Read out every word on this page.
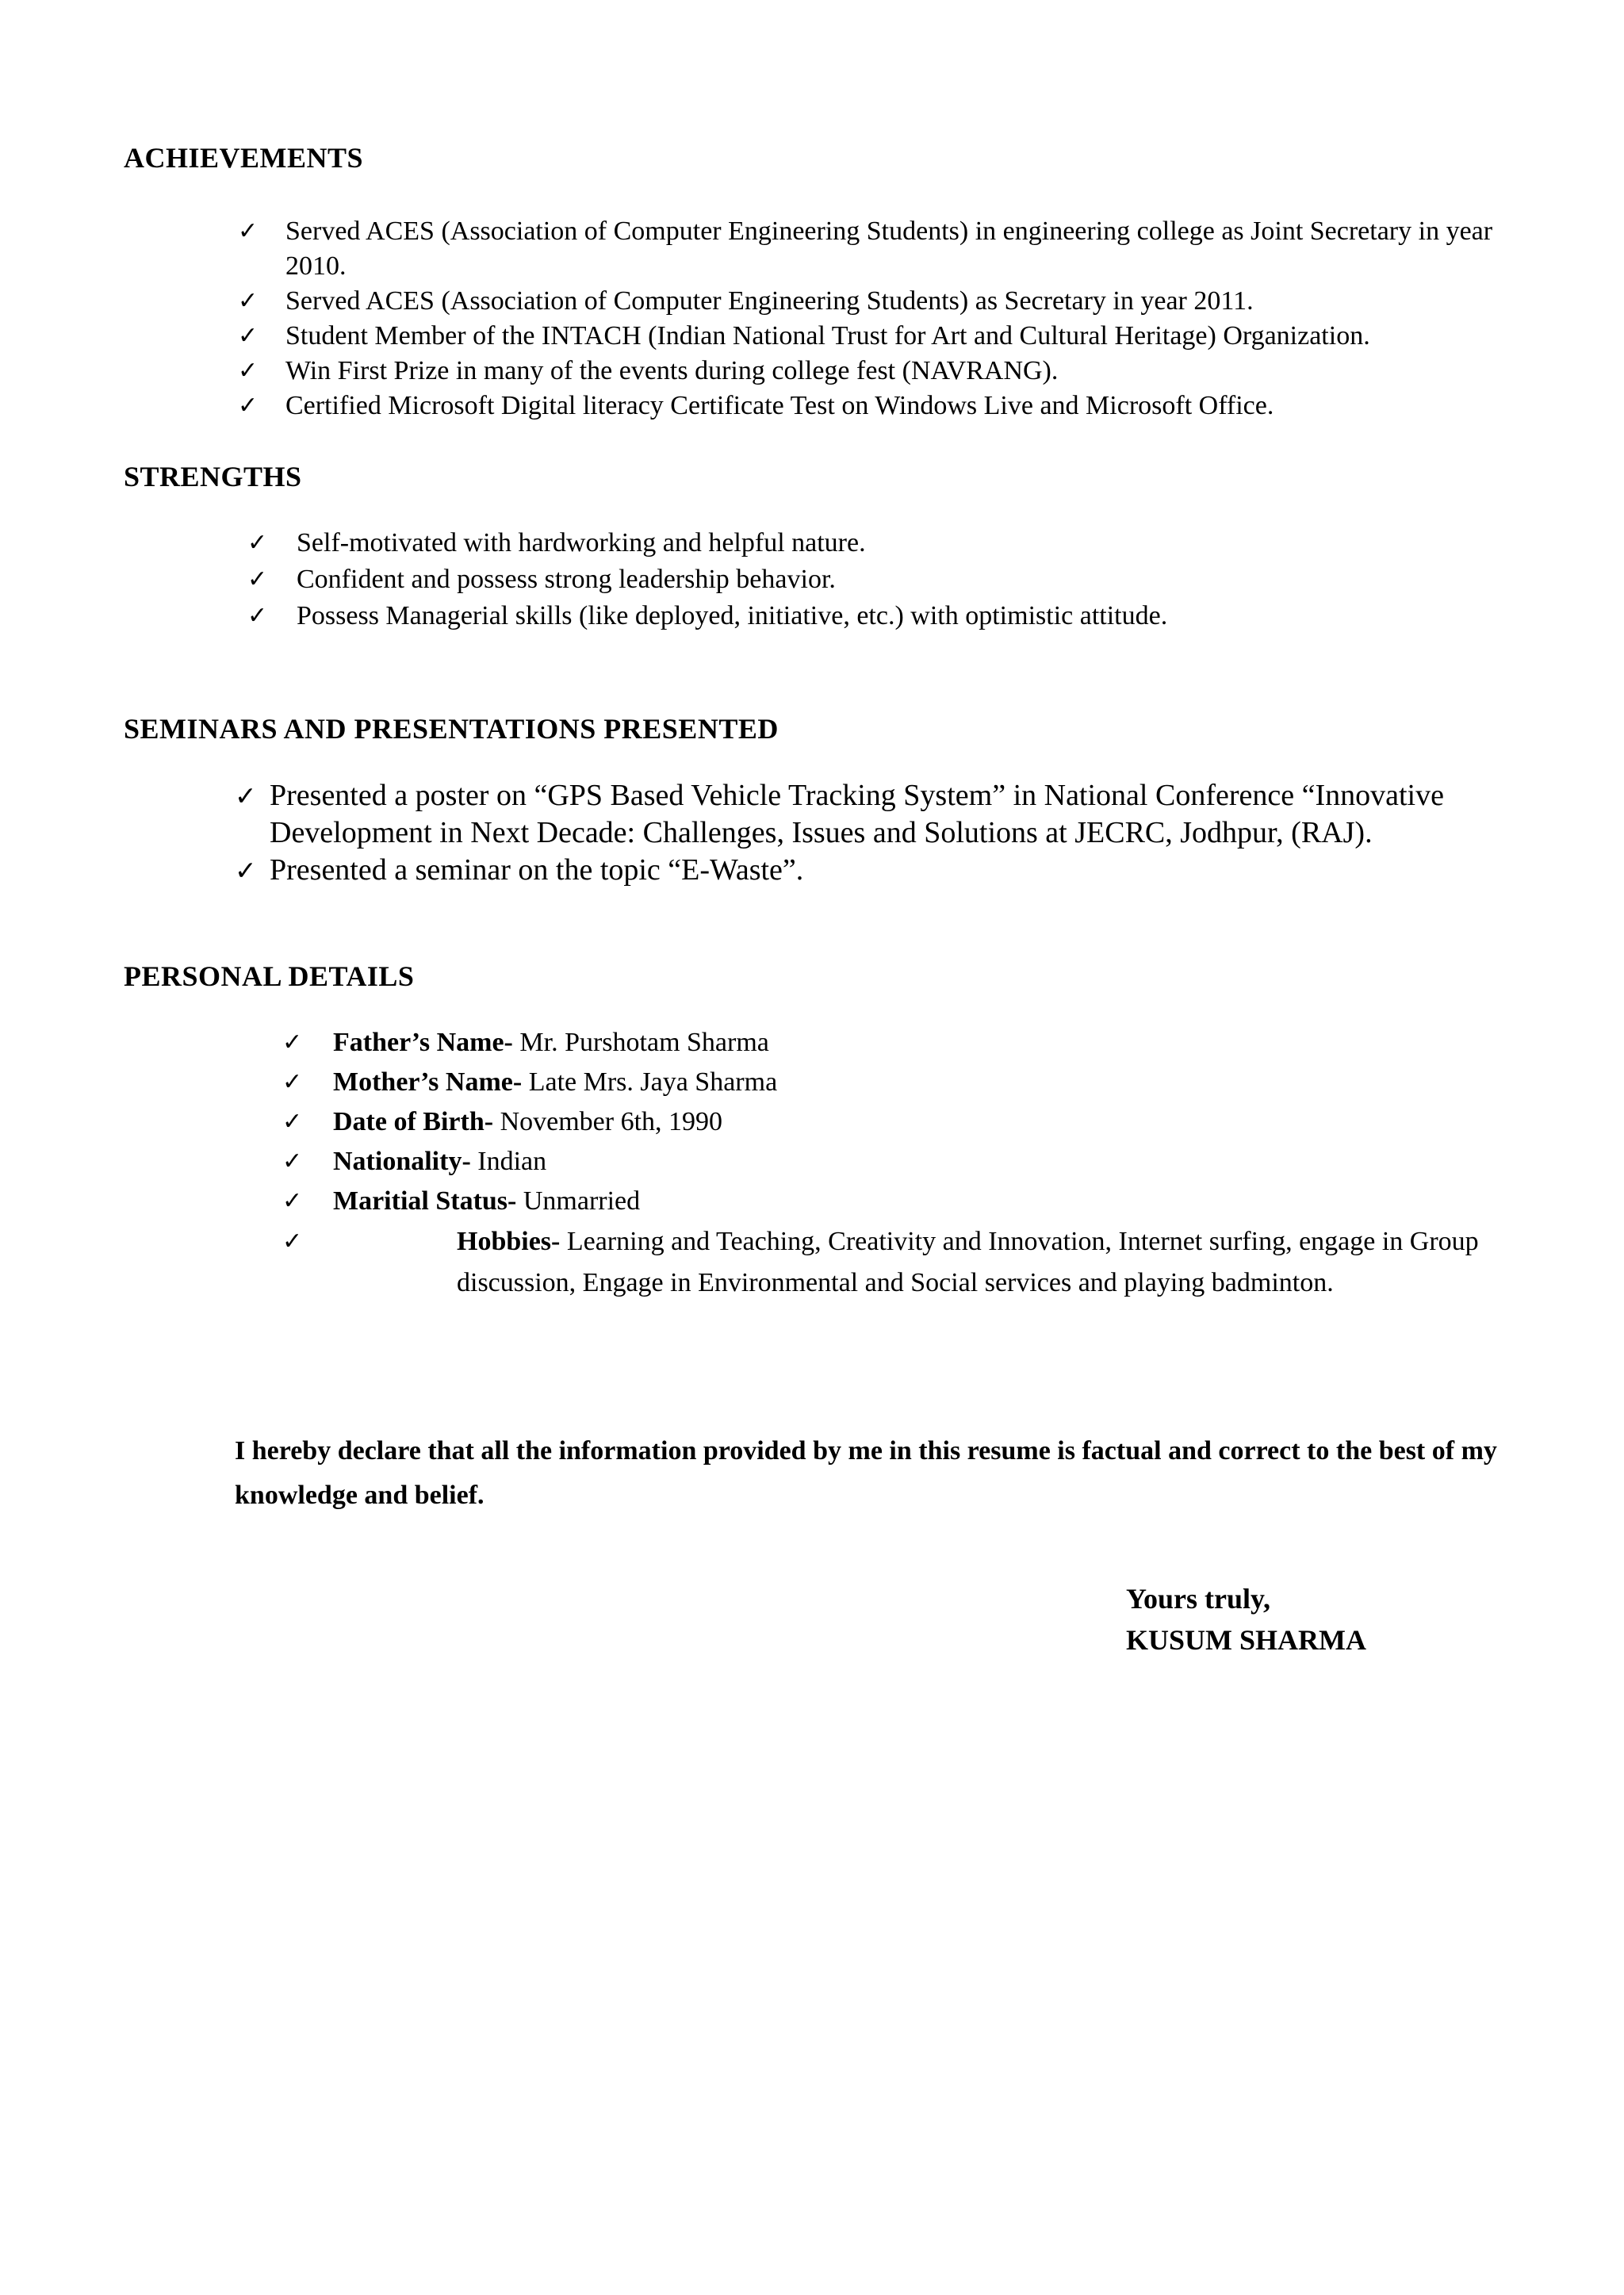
ACHIEVEMENTS
✓ Served ACES (Association of Computer Engineering Students) in engineering college as Joint Secretary in year 2010.
✓ Served ACES (Association of Computer Engineering Students) as Secretary in year 2011.
✓ Student Member of the INTACH (Indian National Trust for Art and Cultural Heritage) Organization.
✓ Win First Prize in many of the events during college fest (NAVRANG).
✓ Certified Microsoft Digital literacy Certificate Test on Windows Live and Microsoft Office.
STRENGTHS
✓ Self-motivated with hardworking and helpful nature.
✓ Confident and possess strong leadership behavior.
✓ Possess Managerial skills (like deployed, initiative, etc.) with optimistic attitude.
SEMINARS AND PRESENTATIONS PRESENTED
✓ Presented a poster on “GPS Based Vehicle Tracking System” in National Conference “Innovative Development in Next Decade: Challenges, Issues and Solutions at JECRC, Jodhpur, (RAJ).
✓ Presented a seminar on the topic “E-Waste”.
PERSONAL DETAILS
✓ Father’s Name- Mr. Purshotam Sharma
✓ Mother’s Name- Late Mrs. Jaya Sharma
✓ Date of Birth- November 6th, 1990
✓ Nationality- Indian
✓ Maritial Status- Unmarried
✓	Hobbies- Learning and Teaching, Creativity and Innovation, Internet surfing, engage in Group discussion, Engage in Environmental and Social services and playing badminton.
I hereby declare that all the information provided by me in this resume is factual and correct to the best of my knowledge and belief.
Yours truly,
KUSUM SHARMA
